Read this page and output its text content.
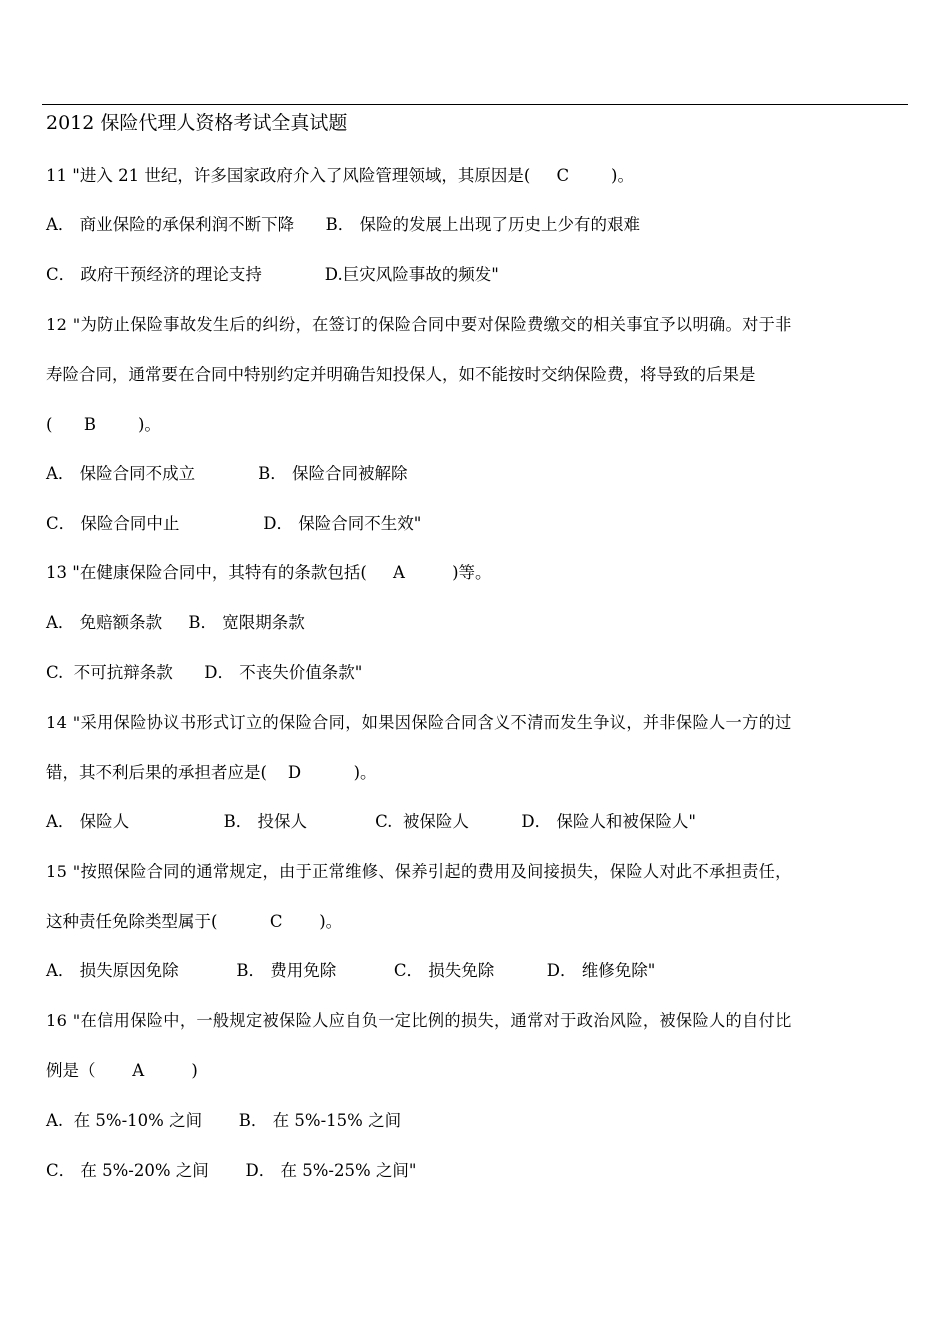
2012 保险代理人资格考试全真试题
11 "进入 21 世纪，许多国家政府介入了风险管理领域，其原因是(     C        )。
A． 商业保险的承保利润不断下降      B． 保险的发展上出现了历史上少有的艰难
C． 政府干预经济的理论支持            D.巨灾风险事故的频发"
12 "为防止保险事故发生后的纠纷，在签订的保险合同中要对保险费缴交的相关事宜予以明确。对于非
寿险合同，通常要在合同中特别约定并明确告知投保人，如不能按时交纳保险费，将导致的后果是
(      B        )。
A． 保险合同不成立            B． 保险合同被解除
C． 保险合同中止                D． 保险合同不生效"
13 "在健康保险合同中，其特有的条款包括(     A         )等。
A． 免赔额条款     B． 宽限期条款
C.  不可抗辩条款      D． 不丧失价值条款"
14 "采用保险协议书形式订立的保险合同，如果因保险合同含义不清而发生争议，并非保险人一方的过
错，其不利后果的承担者应是(    D          )。
A． 保险人                  B． 投保人             C.  被保险人          D． 保险人和被保险人"
15 "按照保险合同的通常规定，由于正常维修、保养引起的费用及间接损失，保险人对此不承担责任，
这种责任免除类型属于(          C       )。
A． 损失原因免除           B． 费用免除           C． 损失免除          D． 维修免除"
16 "在信用保险中，一般规定被保险人应自负一定比例的损失，通常对于政治风险，被保险人的自付比
例是（       A         )
A.  在 5%-10% 之间       B． 在 5%-15% 之间
C． 在 5%-20% 之间       D． 在 5%-25% 之间"
